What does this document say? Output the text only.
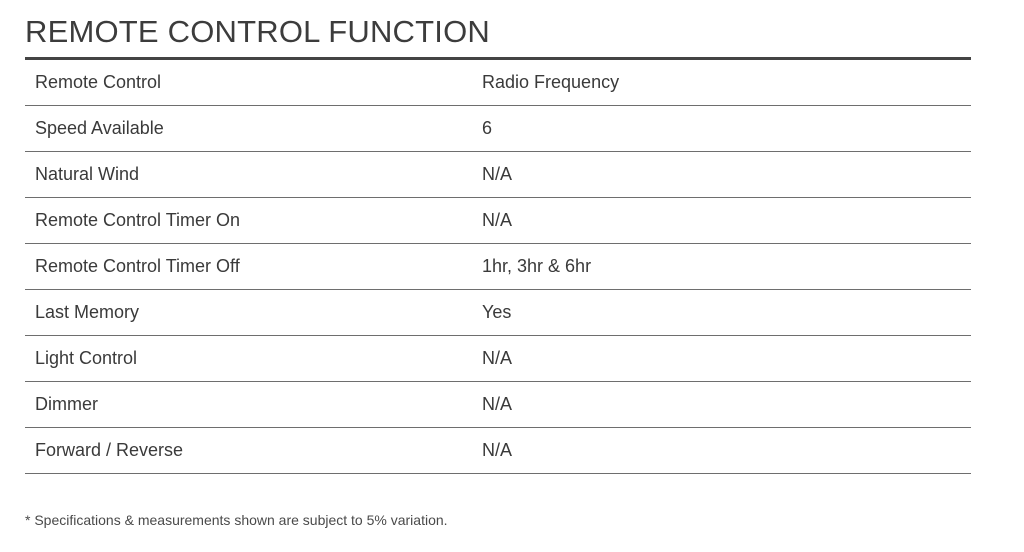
REMOTE CONTROL FUNCTION
Remote Control	Radio Frequency
Speed Available	6
Natural Wind	N/A
Remote Control Timer On	N/A
Remote Control Timer Off	1hr, 3hr & 6hr
Last Memory	Yes
Light Control	N/A
Dimmer	N/A
Forward / Reverse	N/A

* Specifications & measurements shown are subject to 5% variation.
